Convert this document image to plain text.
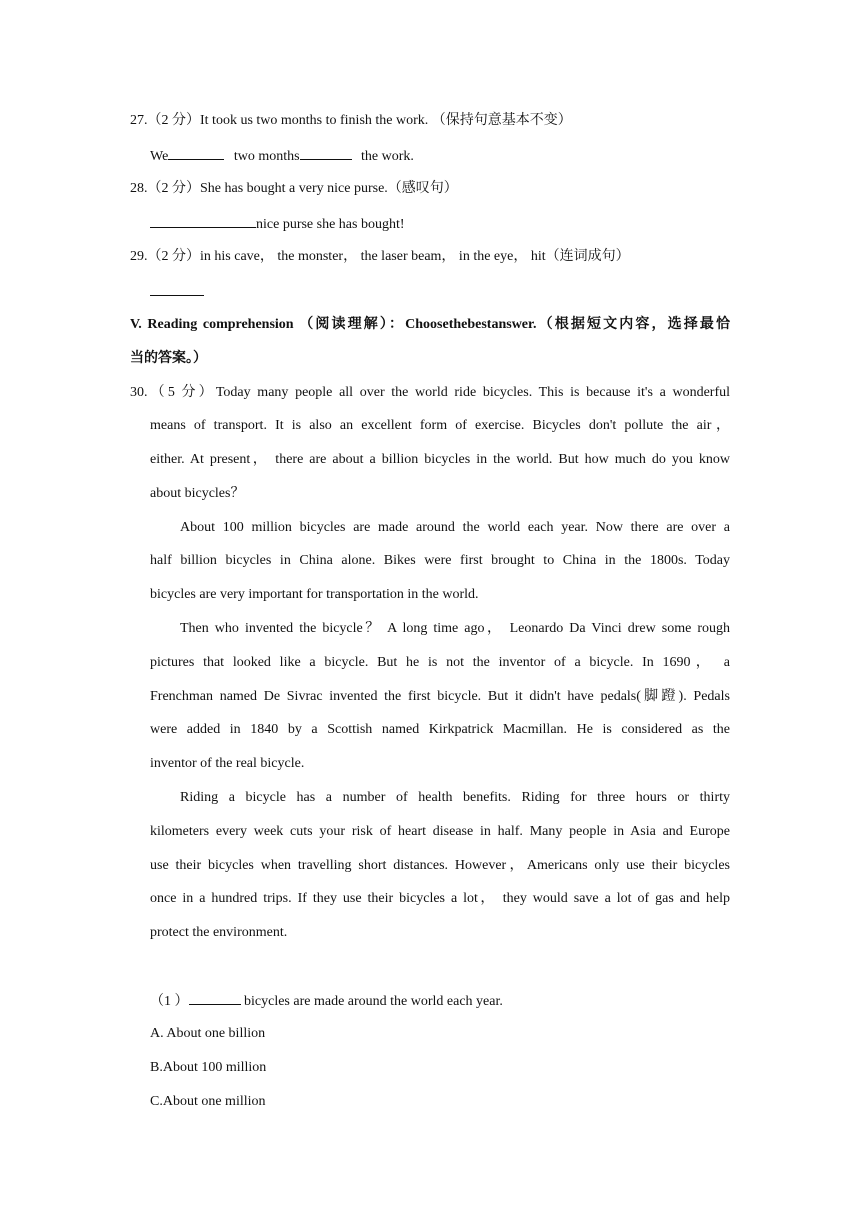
27.（2 分）It took us two months to finish the work. （保持句意基本不变）
We	two months	the work.
28.（2 分）She has bought a very nice purse.（感叹句）
nice purse she has bought!
29.（2 分）in his cave， the monster， the laser beam， in the eye， hit（连词成句）
V. Reading comprehension （阅读理解）：Choosethebestanswer.（根据短文内容，选择最恰
当的答案。）
30.（5 分）Today many people all over the world ride bicycles. This is because it's a wonderful
means of transport. It is also an excellent form of exercise. Bicycles don't pollute the air，
either. At present， there are about a billion bicycles in the world. But how much do you know
about bicycles？
About 100 million bicycles are made around the world each year. Now there are over a
half billion bicycles in China alone. Bikes were first brought to China in the 1800s. Today
bicycles are very important for transportation in the world.
Then who invented the bicycle？ A long time ago， Leonardo Da Vinci drew some rough
pictures that looked like a bicycle. But he is not the inventor of a bicycle. In 1690， a
Frenchman named De Sivrac invented the first bicycle. But it didn't have pedals(脚蹬). Pedals
were added in 1840 by a Scottish named Kirkpatrick Macmillan. He is considered as the
inventor of the real bicycle.
Riding a bicycle has a number of health benefits. Riding for three hours or thirty
kilometers every week cuts your risk of heart disease in half. Many people in Asia and Europe
use their bicycles when travelling short distances. However，Americans only use their bicycles
once in a hundred trips. If they use their bicycles a lot， they would save a lot of gas and help
protect the environment.
（1 ）	bicycles are made around the world each year.
A. About one billion
B.About 100 million
C.About one million
